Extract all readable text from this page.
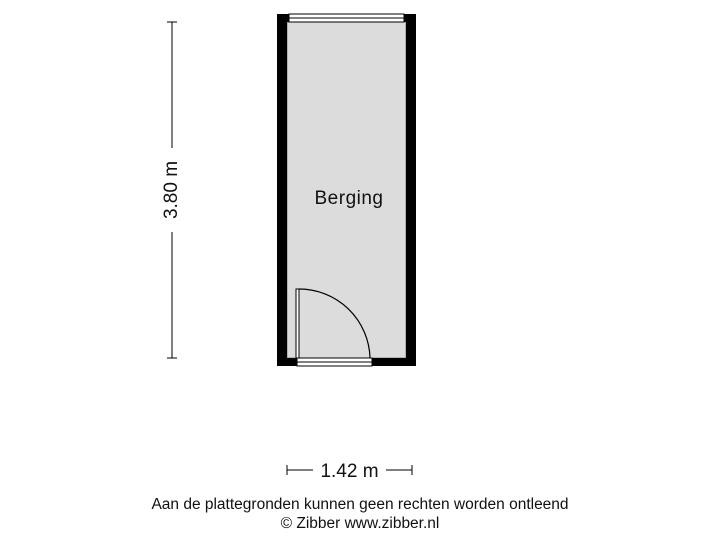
Berging
3.80 m
1.42 m
Aan de plattegronden kunnen geen rechten worden ontleend
© Zibber www.zibber.nl
